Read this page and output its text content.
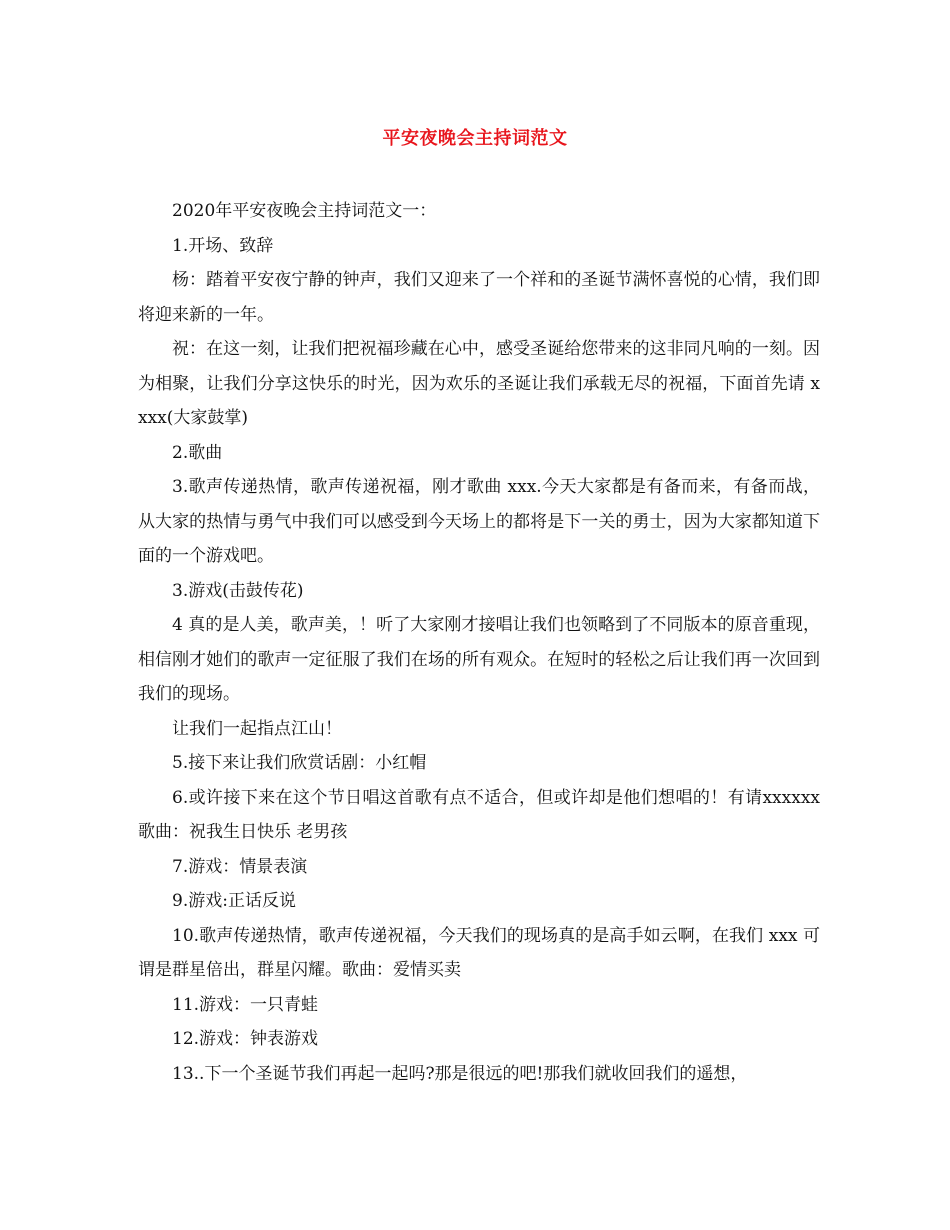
平安夜晚会主持词范文

2020年平安夜晚会主持词范文一：

1.开场、致辞

杨：踏着平安夜宁静的钟声，我们又迎来了一个祥和的圣诞节满怀喜悦的心情，我们即将迎来新的一年。

祝：在这一刻，让我们把祝福珍藏在心中，感受圣诞给您带来的这非同凡响的一刻。因为相聚，让我们分享这快乐的时光，因为欢乐的圣诞让我们承载无尽的祝福，下面首先请 xxxx(大家鼓掌)

2.歌曲

3.歌声传递热情，歌声传递祝福，刚才歌曲 xxx.今天大家都是有备而来，有备而战，从大家的热情与勇气中我们可以感受到今天场上的都将是下一关的勇士，因为大家都知道下面的一个游戏吧。

3.游戏(击鼓传花)

4 真的是人美，歌声美，！听了大家刚才接唱让我们也领略到了不同版本的原音重现，相信刚才她们的歌声一定征服了我们在场的所有观众。在短时的轻松之后让我们再一次回到我们的现场。

让我们一起指点江山！

5.接下来让我们欣赏话剧：小红帽

6.或许接下来在这个节日唱这首歌有点不适合，但或许却是他们想唱的！有请xxxxxx 歌曲：祝我生日快乐 老男孩

7.游戏：情景表演

9.游戏:正话反说

10.歌声传递热情，歌声传递祝福，今天我们的现场真的是高手如云啊，在我们 xxx 可谓是群星倍出，群星闪耀。歌曲：爱情买卖

11.游戏：一只青蛙

12.游戏：钟表游戏

13..下一个圣诞节我们再起一起吗?那是很远的吧!那我们就收回我们的遥想，
